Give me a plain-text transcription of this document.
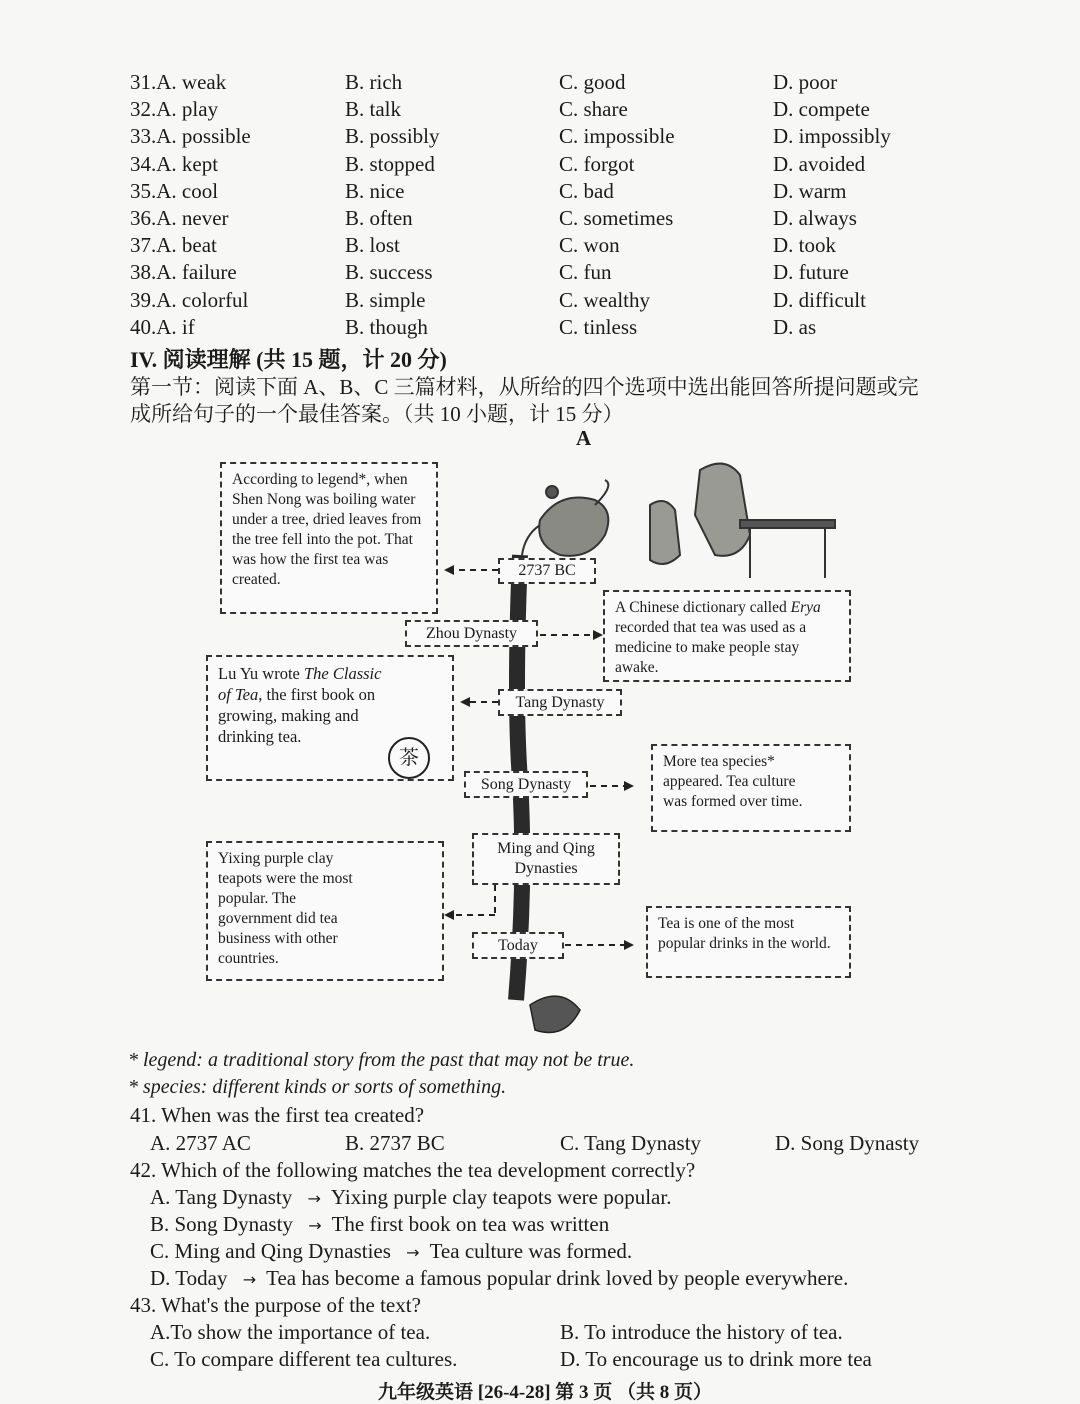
31.A. weak	B. rich	C. good	D. poor
32.A. play	B. talk	C. share	D. compete
33.A. possible	B. possibly	C. impossible	D. impossibly
34.A. kept	B. stopped	C. forgot	D. avoided
35.A. cool	B. nice	C. bad	D. warm
36.A. never	B. often	C. sometimes	D. always
37.A. beat	B. lost	C. won	D. took
38.A. failure	B. success	C. fun	D. future
39.A. colorful	B. simple	C. wealthy	D. difficult
40.A. if	B. though	C. tinless	D. as
IV. 阅读理解 (共 15 题，计 20 分)
第一节：阅读下面 A、B、C 三篇材料，从所给的四个选项中选出能回答所提问题或完
成所给句子的一个最佳答案。（共 10 小题，计 15 分）
A
According to legend*, when Shen Nong was boiling water under a tree, dried leaves from the tree fell into the pot. That was how the first tea was created.
2737 BC
Zhou Dynasty
A Chinese dictionary called Erya recorded that tea was used as a medicine to make people stay awake.
Lu Yu wrote The Classic of Tea, the first book on growing, making and drinking tea.
茶
Tang Dynasty
Song Dynasty
More tea species* appeared. Tea culture was formed over time.
Ming and Qing Dynasties
Yixing purple clay teapots were the most popular. The government did tea business with other countries.
Today
Tea is one of the most popular drinks in the world.
* legend: a traditional story from the past that may not be true.
* species: different kinds or sorts of something.
41. When was the first tea created?
A. 2737 AC	B. 2737 BC	C. Tang Dynasty	D. Song Dynasty
42. Which of the following matches the tea development correctly?
A. Tang Dynasty → Yixing purple clay teapots were popular.
B. Song Dynasty → The first book on tea was written
C. Ming and Qing Dynasties → Tea culture was formed.
D. Today → Tea has become a famous popular drink loved by people everywhere.
43. What's the purpose of the text?
A.To show the importance of tea.	B. To introduce the history of tea.
C. To compare different tea cultures.	D. To encourage us to drink more tea
九年级英语 [26-4-28] 第 3 页 （共 8 页）
